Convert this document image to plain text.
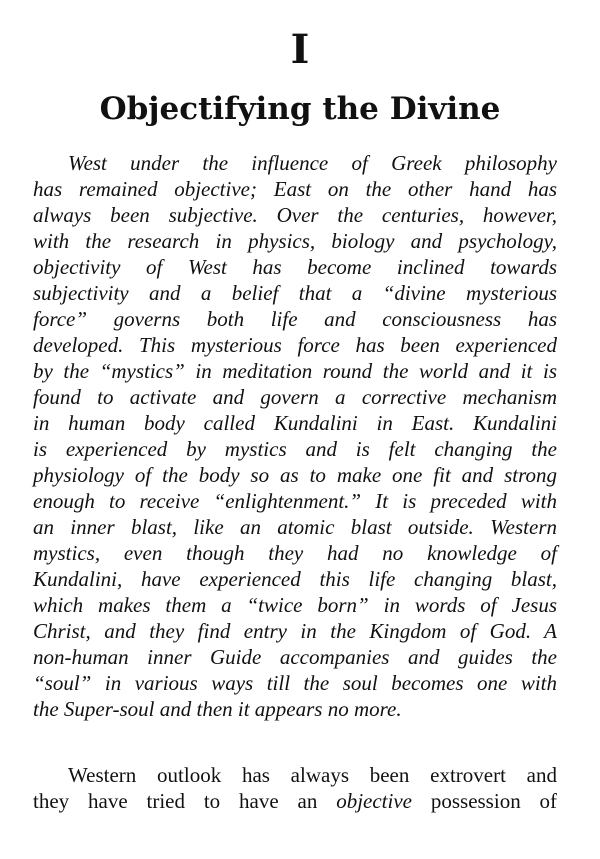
I
Objectifying the Divine
West under the influence of Greek philosophy
has remained objective; East on the other hand has
always been subjective. Over the centuries, however,
with the research in physics, biology and psychology,
objectivity of West has become inclined towards
subjectivity and a belief that a “divine mysterious
force” governs both life and consciousness has
developed. This mysterious force has been experienced
by the “mystics” in meditation round the world and it is
found to activate and govern a corrective mechanism
in human body called Kundalini in East. Kundalini
is experienced by mystics and is felt changing the
physiology of the body so as to make one fit and strong
enough to receive “enlightenment.” It is preceded with
an inner blast, like an atomic blast outside. Western
mystics, even though they had no knowledge of
Kundalini, have experienced this life changing blast,
which makes them a “twice born” in words of Jesus
Christ, and they find entry in the Kingdom of God. A
non-human inner Guide accompanies and guides the
“soul” in various ways till the soul becomes one with
the Super-soul and then it appears no more.
Western outlook has always been extrovert and
they have tried to have an objective possession of
